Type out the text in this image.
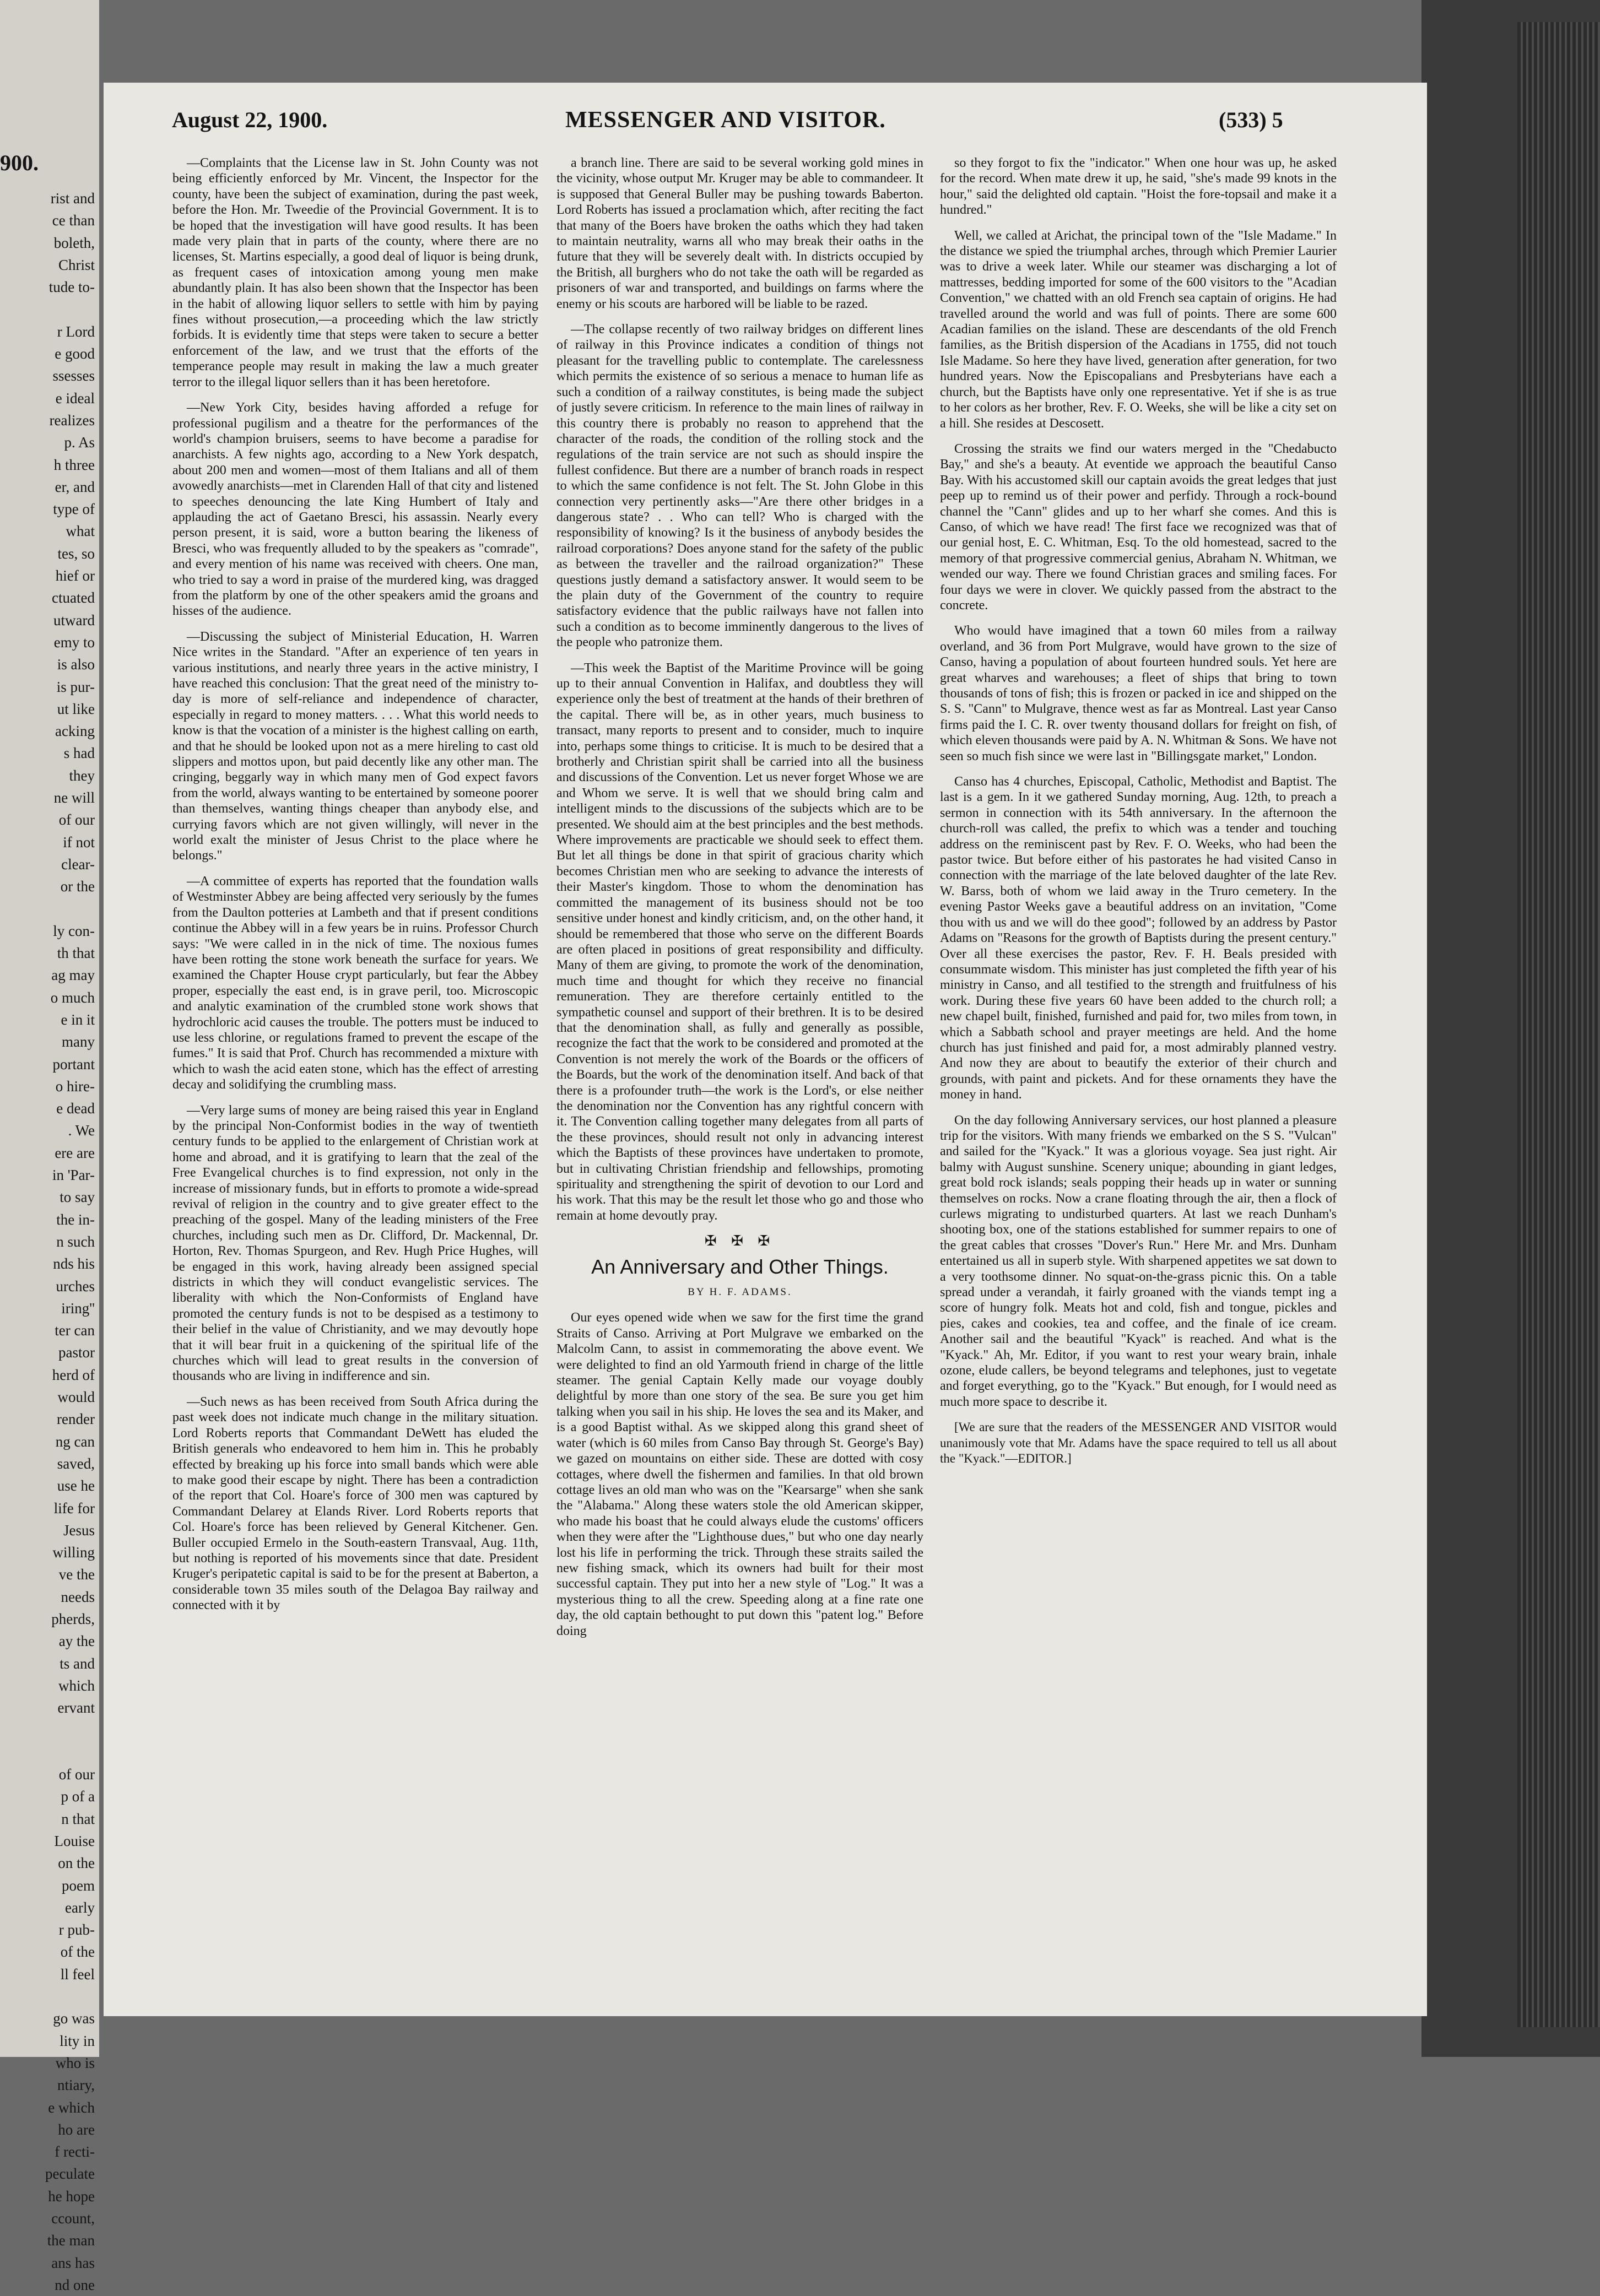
900.
rist and
ce than
boleth,
Christ
tude to-

r Lord
e good
ssesses
e ideal
realizes
p. As
h three
er, and
type of
what
tes, so
hief or
ctuated
utward
emy to
is also
is pur-
ut like
acking
s had
they
ne will
of our
if not
clear-
or the

ly con-
th that
ag may
o much
e in it
many
portant
o hire-
e dead
. We
ere are
in 'Par-
to say
the in-
n such
nds his
urches
iring''
ter can
pastor
herd of
would
render
ng can
saved,
use he
life for
Jesus
willing
ve the
needs
pherds,
ay the
ts and
which
ervant

of our
p of a
n that
Louise
on the
poem
early
r pub-
of the
ll feel

go was
lity in
who is
ntiary,
e which
ho are
f recti-
peculate
he hope
ccount,
the man
ans has
nd one
August 22, 1900.	MESSENGER AND VISITOR.	(533) 5

—Complaints that the License law in St. John County was not being efficiently enforced by Mr. Vincent, the Inspector for the county, have been the subject of examination, during the past week, before the Hon. Mr. Tweedie of the Provincial Government. It is to be hoped that the investigation will have good results. It has been made very plain that in parts of the county, where there are no licenses, St. Martins especially, a good deal of liquor is being drunk, as frequent cases of intoxication among young men make abundantly plain. It has also been shown that the Inspector has been in the habit of allowing liquor sellers to settle with him by paying fines without prosecution,—a proceeding which the law strictly forbids. It is evidently time that steps were taken to secure a better enforcement of the law, and we trust that the efforts of the temperance people may result in making the law a much greater terror to the illegal liquor sellers than it has been heretofore.

—New York City, besides having afforded a refuge for professional pugilism and a theatre for the performances of the world's champion bruisers, seems to have become a paradise for anarchists. A few nights ago, according to a New York despatch, about 200 men and women—most of them Italians and all of them avowedly anarchists—met in Clarenden Hall of that city and listened to speeches denouncing the late King Humbert of Italy and applauding the act of Gaetano Bresci, his assassin. Nearly every person present, it is said, wore a button bearing the likeness of Bresci, who was frequently alluded to by the speakers as "comrade", and every mention of his name was received with cheers. One man, who tried to say a word in praise of the murdered king, was dragged from the platform by one of the other speakers amid the groans and hisses of the audience.

—Discussing the subject of Ministerial Education, H. Warren Nice writes in the Standard. "After an experience of ten years in various institutions, and nearly three years in the active ministry, I have reached this conclusion: That the great need of the ministry to-day is more of self-reliance and independence of character, especially in regard to money matters. . . . What this world needs to know is that the vocation of a minister is the highest calling on earth, and that he should be looked upon not as a mere hireling to cast old slippers and mottos upon, but paid decently like any other man. The cringing, beggarly way in which many men of God expect favors from the world, always wanting to be entertained by someone poorer than themselves, wanting things cheaper than anybody else, and currying favors which are not given willingly, will never in the world exalt the minister of Jesus Christ to the place where he belongs."

—A committee of experts has reported that the foundation walls of Westminster Abbey are being affected very seriously by the fumes from the Daulton potteries at Lambeth and that if present conditions continue the Abbey will in a few years be in ruins. Professor Church says: "We were called in in the nick of time. The noxious fumes have been rotting the stone work beneath the surface for years. We examined the Chapter House crypt particularly, but fear the Abbey proper, especially the east end, is in grave peril, too. Microscopic and analytic examination of the crumbled stone work shows that hydrochloric acid causes the trouble. The potters must be induced to use less chlorine, or regulations framed to prevent the escape of the fumes." It is said that Prof. Church has recommended a mixture with which to wash the acid eaten stone, which has the effect of arresting decay and solidifying the crumbling mass.

—Very large sums of money are being raised this year in England by the principal Non-Conformist bodies in the way of twentieth century funds to be applied to the enlargement of Christian work at home and abroad, and it is gratifying to learn that the zeal of the Free Evangelical churches is to find expression, not only in the increase of missionary funds, but in efforts to promote a wide-spread revival of religion in the country and to give greater effect to the preaching of the gospel. Many of the leading ministers of the Free churches, including such men as Dr. Clifford, Dr. Mackennal, Dr. Horton, Rev. Thomas Spurgeon, and Rev. Hugh Price Hughes, will be engaged in this work, having already been assigned special districts in which they will conduct evangelistic services. The liberality with which the Non-Conformists of England have promoted the century funds is not to be despised as a testimony to their belief in the value of Christianity, and we may devoutly hope that it will bear fruit in a quickening of the spiritual life of the churches which will lead to great results in the conversion of thousands who are living in indifference and sin.

—Such news as has been received from South Africa during the past week does not indicate much change in the military situation. Lord Roberts reports that Commandant DeWett has eluded the British generals who endeavored to hem him in. This he probably effected by breaking up his force into small bands which were able to make good their escape by night. There has been a contradiction of the report that Col. Hoare's force of 300 men was captured by Commandant Delarey at Elands River. Lord Roberts reports that Col. Hoare's force has been relieved by General Kitchener. Gen. Buller occupied Ermelo in the South-eastern Transvaal, Aug. 11th, but nothing is reported of his movements since that date. President Kruger's peripatetic capital is said to be for the present at Baberton, a considerable town 35 miles south of the Delagoa Bay railway and connected with it by

a branch line. There are said to be several working gold mines in the vicinity, whose output Mr. Kruger may be able to commandeer. It is supposed that General Buller may be pushing towards Baberton. Lord Roberts has issued a proclamation which, after reciting the fact that many of the Boers have broken the oaths which they had taken to maintain neutrality, warns all who may break their oaths in the future that they will be severely dealt with. In districts occupied by the British, all burghers who do not take the oath will be regarded as prisoners of war and transported, and buildings on farms where the enemy or his scouts are harbored will be liable to be razed.

—The collapse recently of two railway bridges on different lines of railway in this Province indicates a condition of things not pleasant for the travelling public to contemplate. The carelessness which permits the existence of so serious a menace to human life as such a condition of a railway constitutes, is being made the subject of justly severe criticism. In reference to the main lines of railway in this country there is probably no reason to apprehend that the character of the roads, the condition of the rolling stock and the regulations of the train service are not such as should inspire the fullest confidence. But there are a number of branch roads in respect to which the same confidence is not felt. The St. John Globe in this connection very pertinently asks—"Are there other bridges in a dangerous state? . . Who can tell? Who is charged with the responsibility of knowing? Is it the business of anybody besides the railroad corporations? Does anyone stand for the safety of the public as between the traveller and the railroad organization?" These questions justly demand a satisfactory answer. It would seem to be the plain duty of the Government of the country to require satisfactory evidence that the public railways have not fallen into such a condition as to become imminently dangerous to the lives of the people who patronize them.

—This week the Baptist of the Maritime Province will be going up to their annual Convention in Halifax, and doubtless they will experience only the best of treatment at the hands of their brethren of the capital. There will be, as in other years, much business to transact, many reports to present and to consider, much to inquire into, perhaps some things to criticise. It is much to be desired that a brotherly and Christian spirit shall be carried into all the business and discussions of the Convention. Let us never forget Whose we are and Whom we serve. It is well that we should bring calm and intelligent minds to the discussions of the subjects which are to be presented. We should aim at the best principles and the best methods. Where improvements are practicable we should seek to effect them. But let all things be done in that spirit of gracious charity which becomes Christian men who are seeking to advance the interests of their Master's kingdom. Those to whom the denomination has committed the management of its business should not be too sensitive under honest and kindly criticism, and, on the other hand, it should be remembered that those who serve on the different Boards are often placed in positions of great responsibility and difficulty. Many of them are giving, to promote the work of the denomination, much time and thought for which they receive no financial remuneration. They are therefore certainly entitled to the sympathetic counsel and support of their brethren. It is to be desired that the denomination shall, as fully and generally as possible, recognize the fact that the work to be considered and promoted at the Convention is not merely the work of the Boards or the officers of the Boards, but the work of the denomination itself. And back of that there is a profounder truth—the work is the Lord's, or else neither the denomination nor the Convention has any rightful concern with it. The Convention calling together many delegates from all parts of the these provinces, should result not only in advancing interest which the Baptists of these provinces have undertaken to promote, but in cultivating Christian friendship and fellowships, promoting spirituality and strengthening the spirit of devotion to our Lord and his work. That this may be the result let those who go and those who remain at home devoutly pray.

✠ ✠ ✠

An Anniversary and Other Things.

BY H. F. ADAMS.

Our eyes opened wide when we saw for the first time the grand Straits of Canso. Arriving at Port Mulgrave we embarked on the Malcolm Cann, to assist in commemorating the above event. We were delighted to find an old Yarmouth friend in charge of the little steamer. The genial Captain Kelly made our voyage doubly delightful by more than one story of the sea. Be sure you get him talking when you sail in his ship. He loves the sea and its Maker, and is a good Baptist withal. As we skipped along this grand sheet of water (which is 60 miles from Canso Bay through St. George's Bay) we gazed on mountains on either side. These are dotted with cosy cottages, where dwell the fishermen and families. In that old brown cottage lives an old man who was on the "Kearsarge" when she sank the "Alabama." Along these waters stole the old American skipper, who made his boast that he could always elude the customs' officers when they were after the "Lighthouse dues," but who one day nearly lost his life in performing the trick. Through these straits sailed the new fishing smack, which its owners had built for their most successful captain. They put into her a new style of "Log." It was a mysterious thing to all the crew. Speeding along at a fine rate one day, the old captain bethought to put down this "patent log." Before doing

so they forgot to fix the "indicator." When one hour was up, he asked for the record. When mate drew it up, he said, "she's made 99 knots in the hour," said the delighted old captain. "Hoist the fore-topsail and make it a hundred."

Well, we called at Arichat, the principal town of the "Isle Madame." In the distance we spied the triumphal arches, through which Premier Laurier was to drive a week later. While our steamer was discharging a lot of mattresses, bedding imported for some of the 600 visitors to the "Acadian Convention," we chatted with an old French sea captain of origins. He had travelled around the world and was full of points. There are some 600 Acadian families on the island. These are descendants of the old French families, as the British dispersion of the Acadians in 1755, did not touch Isle Madame. So here they have lived, generation after generation, for two hundred years. Now the Episcopalians and Presbyterians have each a church, but the Baptists have only one representative. Yet if she is as true to her colors as her brother, Rev. F. O. Weeks, she will be like a city set on a hill. She resides at Descosett.

Crossing the straits we find our waters merged in the "Chedabucto Bay," and she's a beauty. At eventide we approach the beautiful Canso Bay. With his accustomed skill our captain avoids the great ledges that just peep up to remind us of their power and perfidy. Through a rock-bound channel the "Cann" glides and up to her wharf she comes. And this is Canso, of which we have read! The first face we recognized was that of our genial host, E. C. Whitman, Esq. To the old homestead, sacred to the memory of that progressive commercial genius, Abraham N. Whitman, we wended our way. There we found Christian graces and smiling faces. For four days we were in clover. We quickly passed from the abstract to the concrete.

Who would have imagined that a town 60 miles from a railway overland, and 36 from Port Mulgrave, would have grown to the size of Canso, having a population of about fourteen hundred souls. Yet here are great wharves and warehouses; a fleet of ships that bring to town thousands of tons of fish; this is frozen or packed in ice and shipped on the S. S. "Cann" to Mulgrave, thence west as far as Montreal. Last year Canso firms paid the I. C. R. over twenty thousand dollars for freight on fish, of which eleven thousands were paid by A. N. Whitman & Sons. We have not seen so much fish since we were last in "Billingsgate market," London.

Canso has 4 churches, Episcopal, Catholic, Methodist and Baptist. The last is a gem. In it we gathered Sunday morning, Aug. 12th, to preach a sermon in connection with its 54th anniversary. In the afternoon the church-roll was called, the prefix to which was a tender and touching address on the reminiscent past by Rev. F. O. Weeks, who had been the pastor twice. But before either of his pastorates he had visited Canso in connection with the marriage of the late beloved daughter of the late Rev. W. Barss, both of whom we laid away in the Truro cemetery. In the evening Pastor Weeks gave a beautiful address on an invitation, "Come thou with us and we will do thee good"; followed by an address by Pastor Adams on "Reasons for the growth of Baptists during the present century." Over all these exercises the pastor, Rev. F. H. Beals presided with consummate wisdom. This minister has just completed the fifth year of his ministry in Canso, and all testified to the strength and fruitfulness of his work. During these five years 60 have been added to the church roll; a new chapel built, finished, furnished and paid for, two miles from town, in which a Sabbath school and prayer meetings are held. And the home church has just finished and paid for, a most admirably planned vestry. And now they are about to beautify the exterior of their church and grounds, with paint and pickets. And for these ornaments they have the money in hand.

On the day following Anniversary services, our host planned a pleasure trip for the visitors. With many friends we embarked on the S S. "Vulcan" and sailed for the "Kyack." It was a glorious voyage. Sea just right. Air balmy with August sunshine. Scenery unique; abounding in giant ledges, great bold rock islands; seals popping their heads up in water or sunning themselves on rocks. Now a crane floating through the air, then a flock of curlews migrating to undisturbed quarters. At last we reach Dunham's shooting box, one of the stations established for summer repairs to one of the great cables that crosses "Dover's Run." Here Mr. and Mrs. Dunham entertained us all in superb style. With sharpened appetites we sat down to a very toothsome dinner. No squat-on-the-grass picnic this. On a table spread under a verandah, it fairly groaned with the viands tempt ing a score of hungry folk. Meats hot and cold, fish and tongue, pickles and pies, cakes and cookies, tea and coffee, and the finale of ice cream. Another sail and the beautiful "Kyack" is reached. And what is the "Kyack." Ah, Mr. Editor, if you want to rest your weary brain, inhale ozone, elude callers, be beyond telegrams and telephones, just to vegetate and forget everything, go to the "Kyack." But enough, for I would need as much more space to describe it.

[We are sure that the readers of the MESSENGER AND VISITOR would unanimously vote that Mr. Adams have the space required to tell us all about the "Kyack."—EDITOR.]
